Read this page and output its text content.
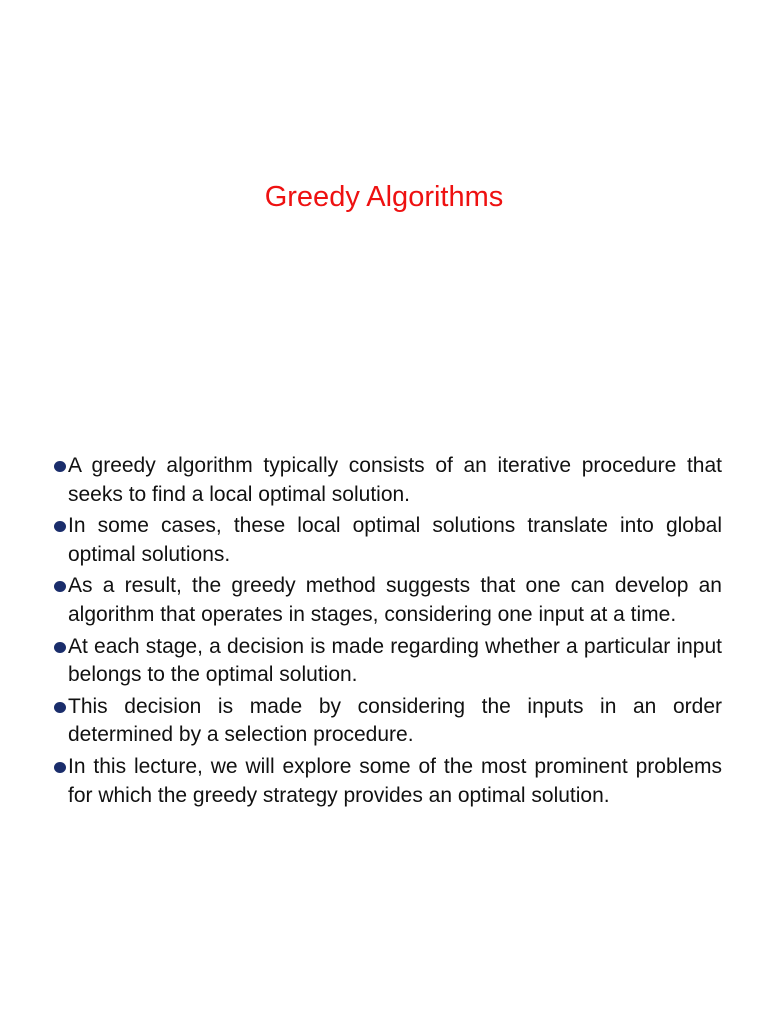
Greedy Algorithms
A greedy algorithm typically consists of an iterative procedure that seeks to find a local optimal solution.
In some cases, these local optimal solutions translate into global optimal solutions.
As a result, the greedy method suggests that one can develop an algorithm that operates in stages, considering one input at a time.
At each stage, a decision is made regarding whether a particular input belongs to the optimal solution.
This decision is made by considering the inputs in an order determined by a selection procedure.
In this lecture, we will explore some of the most prominent problems for which the greedy strategy provides an optimal solution.
